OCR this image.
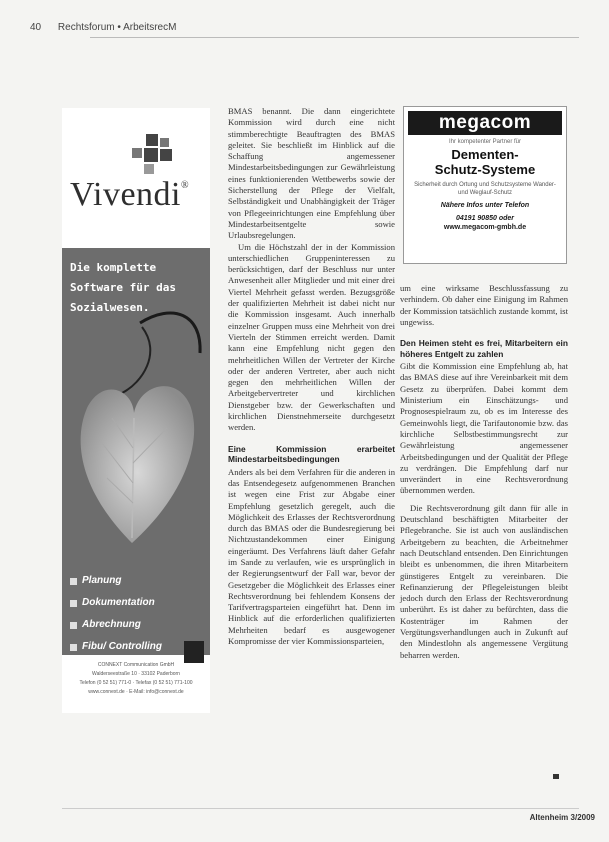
40 Rechtsforum • ArbeitsrecM
Vivendi®
Die komplette
Software für das
Sozialwesen.
Planung
Dokumentation
Abrechnung
Fibu/ Controlling
CONNEXT Communication GmbH
Walderseestraße 10 · 33102 Paderborn
Telefon (0 52 51) 771-0 · Telefax (0 52 51) 771-100
www.connext.de · E-Mail: info@connext.de

BMAS benannt. Die dann eingerichtete Kommission wird durch eine nicht stimmberechtigte Beauftragten des BMAS geleitet. Sie beschließt im Hinblick auf die Schaffung angemessener Mindestarbeitsbedingungen zur Gewährleistung eines funktionierenden Wettbewerbs sowie der Sicherstellung der Pflege der Vielfalt, Selbständigkeit und Unabhängigkeit der Träger von Pflegeeinrichtungen eine Empfehlung über Mindestarbeitsentgelte sowie Urlaubsregelungen.

Um die Höchstzahl der in der Kommission unterschiedlichen Gruppeninteressen zu berücksichtigen, darf der Beschluss nur unter Anwesenheit aller Mitglieder und mit einer drei Viertel Mehrheit gefasst werden. Bezugsgröße der qualifizierten Mehrheit ist dabei nicht nur die Kommission insgesamt. Auch innerhalb einzelner Gruppen muss eine Mehrheit von drei Vierteln der Stimmen erreicht werden. Damit kann eine Empfehlung nicht gegen den mehrheitlichen Willen der Vertreter der Kirche oder der anderen Vertreter, aber auch nicht gegen den mehrheitlichen Willen der Arbeitgebervertreter und kirchlichen Dienstgeber bzw. der Gewerkschaften und kirchlichen Dienstnehmerseite durchgesetzt werden.

Eine Kommission erarbeitet Mindestarbeitsbedingungen

Anders als bei dem Verfahren für die anderen in das Entsendegesetz aufgenommenen Branchen ist wegen eine Frist zur Abgabe einer Empfehlung gesetzlich geregelt, auch die Möglichkeit des Erlasses der Rechtsverordnung durch das BMAS oder die Bundesregierung bei Nichtzustandekommen einer Einigung eingeräumt. Des Verfahrens läuft daher Gefahr im Sande zu verlaufen, wie es ursprünglich in der Regierungsentwurf der Fall war, bevor der Gesetzgeber die Möglichkeit des Erlasses einer Rechtsverordnung bei fehlendem Konsens der Tarifvertragsparteien eingeführt hat. Denn im Hinblick auf die erforderlichen qualifizierten Mehrheiten bedarf es ausgewogener Kompromisse der vier Kommissionsparteien,

megacom
Ihr kompetenter Partner für
Dementen-
Schutz-Systeme
Sicherheit durch Ortung und Schutzsysteme Wander- und Weglauf-Schutz
Nähere Infos unter Telefon
04191 90850 oder
www.megacom-gmbh.de

um eine wirksame Beschlussfassung zu verhindern. Ob daher eine Einigung im Rahmen der Kommission tatsächlich zustande kommt, ist ungewiss.

Den Heimen steht es frei, Mitarbeitern ein höheres Entgelt zu zahlen

Gibt die Kommission eine Empfehlung ab, hat das BMAS diese auf ihre Vereinbarkeit mit dem Gesetz zu überprüfen. Dabei kommt dem Ministerium ein Einschätzungs- und Prognosespielraum zu, ob es im Interesse des Gemeinwohls liegt, die Tarifautonomie bzw. das kirchliche Selbstbestimmungsrecht zur Gewährleistung angemessener Arbeitsbedingungen und der Qualität der Pflege zu verdrängen. Die Empfehlung darf nur unverändert in eine Rechtsverordnung übernommen werden.

Die Rechtsverordnung gilt dann für alle in Deutschland beschäftigten Mitarbeiter der Pflegebranche. Sie ist auch von ausländischen Arbeitgebern zu beachten, die Arbeitnehmer nach Deutschland entsenden. Den Einrichtungen bleibt es unbenommen, die ihren Mitarbeitern günstigeres Entgelt zu vereinbaren. Die Refinanzierung der Pflegeleistungen bleibt jedoch durch den Erlass der Rechtsverordnung unberührt. Es ist daher zu befürchten, dass die Kostenträger im Rahmen der Vergütungsverhandlungen auch in Zukunft auf den Mindestlohn als angemessene Vergütung beharren werden.

Altenheim 3/2009
